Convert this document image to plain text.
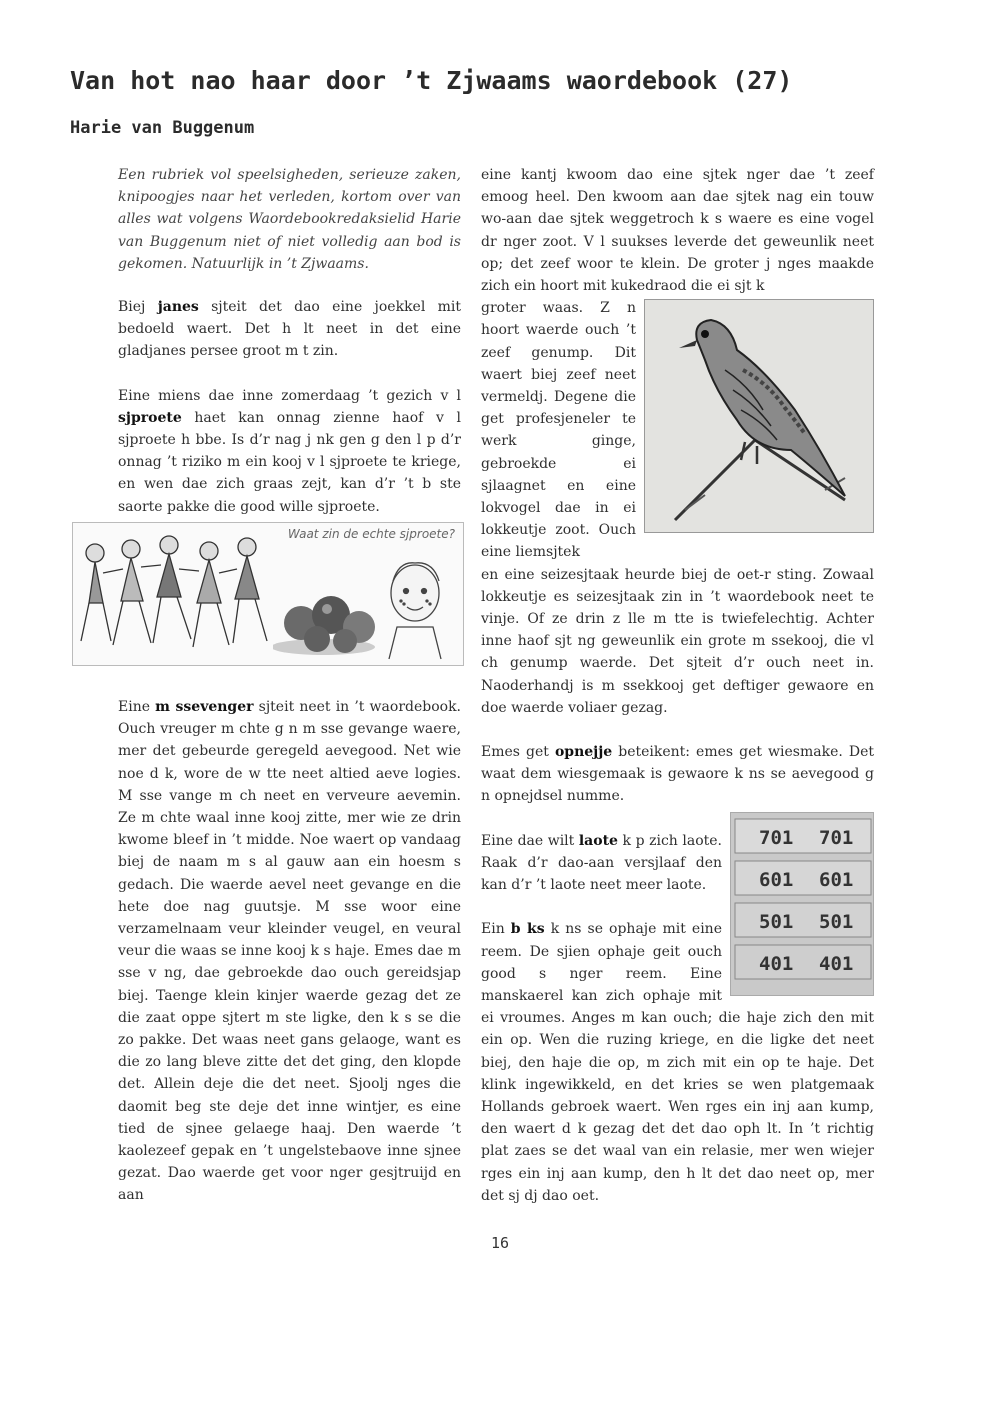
Van hot nao haar door ’t Zjwaams waordebook (27)
Harie van Buggenum

Een rubriek vol speelsigheden, serieuze zaken, knipoogjes naar het verleden, kortom over van alles wat volgens Waordebookredaksielid Harie van Buggenum niet of niet volledig aan bod is gekomen. Natuurlijk in ’t Zjwaams.

Biej janes sjteit det dao eine joekkel mit bedoeld waert. Det h lt neet in det eine gladjanes persee groot m t zin.

Eine miens dae inne zomerdaag ’t gezich v l sjproete haet kan onnag zienne haof v l sjproete h bbe. Is d’r nag j nk gen g den l p d’r onnag ’t riziko m ein kooj v l sjproete te kriege, en wen dae zich graas zejt, kan d’r ’t b ste saorte pakke die good wille sjproete.

Waat zin de echte sjproete?

Eine m ssevenger sjteit neet in ’t waordebook. Ouch vreuger m chte g n m sse gevange waere, mer det gebeurde geregeld aevegood. Net wie noe d k, wore de w tte neet altied aeve logies. M sse vange m ch neet en verveure aevemin. Ze m chte waal inne kooj zitte, mer wie ze drin kwome bleef in ’t midde. Noe waert op vandaag biej de naam m s al gauw aan ein hoesm s gedach. Die waerde aevel neet gevange en die hete doe nag guutsje. M sse woor eine verzamelnaam veur kleinder veugel, en veural veur die waas se inne kooj k s haje. Emes dae m sse v ng, dae gebroekde dao ouch gereidsjap biej. Taenge klein kinjer waerde gezag det ze die zaat oppe sjtert m ste ligke, den k s se die zo pakke. Det waas neet gans gelaoge, want es die zo lang bleve zitte det det ging, den klopde det. Allein deje die det neet. Sjoolj nges die daomit beg ste deje det inne wintjer, es eine tied de sjnee gelaege haaj. Den waerde ’t kaolezeef gepak en ’t ungelstebaove inne sjnee gezat. Dao waerde get voor nger gesjtruijd en aan

eine kantj kwoom dao eine sjtek nger dae ’t zeef emoog heel. Den kwoom aan dae sjtek nag ein touw wo-aan dae sjtek weggetroch k s waere es eine vogel dr nger zoot. V l suukses leverde det geweunlik neet op; det zeef woor te klein. De groter j nges maakde zich ein hoort mit kukedraod die ei sjt k

groter waas. Z n hoort waerde ouch ’t zeef genump. Dit waert biej zeef neet vermeldj. Degene die get profesjeneler te werk ginge, gebroekde ei sjlaagnet en eine lokvogel dae in ei lokkeutje zoot. Ouch eine liemsjtek

en eine seizesjtaak heurde biej de oet-r sting. Zowaal lokkeutje es seizesjtaak zin in ’t waordebook neet te vinje. Of ze drin z lle m tte is twiefelechtig. Achter inne haof sjt ng geweunlik ein grote m ssekooj, die vl ch genump waerde. Det sjteit d’r ouch neet in. Naoderhandj is m ssekkooj get deftiger gewaore en doe waerde voliaer gezag.

Emes get opnejje beteikent: emes get wiesmake. Det waat dem wiesgemaak is gewaore k ns se aevegood g n opnejdsel numme.

701 701
601 601
501 501
401 401

Eine dae wilt laote k p zich laote. Raak d’r dao-aan versjlaaf den kan d’r ’t laote neet meer laote.

Ein b ks k ns se ophaje mit eine reem. De sjien ophaje geit ouch good s nger reem. Eine manskaerel kan zich ophaje mit ei vroumes. Anges m kan ouch; die haje zich den mit ein op. Wen die ruzing kriege, en die ligke det neet biej, den haje die op, m zich mit ein op te haje. Det klink ingewikkeld, en det kries se wen platgemaak Hollands gebroek waert. Wen rges ein inj aan kump, den waert d k gezag det det dao oph lt. In ’t richtig plat zaes se det waal van ein relasie, mer wen wiejer rges ein inj aan kump, den h lt det dao neet op, mer det sj dj dao oet.

16
